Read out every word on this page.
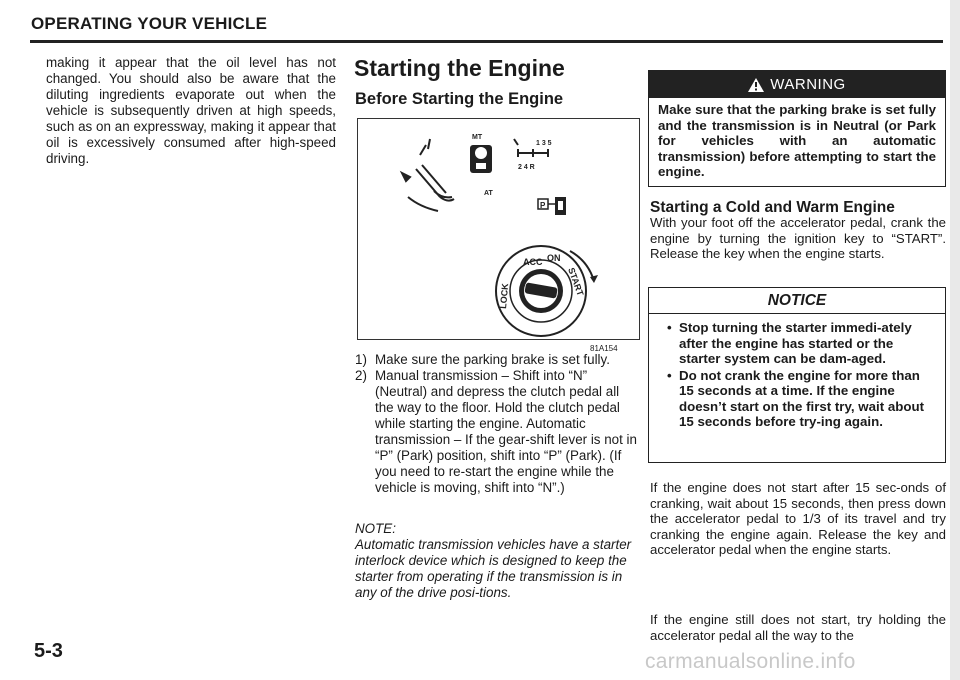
OPERATING YOUR VEHICLE

making it appear that the oil level has not changed. You should also be aware that the diluting ingredients evaporate out when the vehicle is subsequently driven at high speeds, such as on an expressway, making it appear that oil is excessively consumed after high-speed driving.

5-3
Starting the Engine
Before Starting the Engine
MT
1 3 5
2 4 R
AT
P
ACC ON
START
LOCK
81A154
1) Make sure the parking brake is set fully.
2) Manual transmission – Shift into “N” (Neutral) and depress the clutch pedal all the way to the floor. Hold the clutch pedal while starting the engine. Automatic transmission – If the gear-shift lever is not in “P” (Park) position, shift into “P” (Park). (If you need to re-start the engine while the vehicle is moving, shift into “N”.)
NOTE:
Automatic transmission vehicles have a starter interlock device which is designed to keep the starter from operating if the transmission is in any of the drive posi-tions.
WARNING
Make sure that the parking brake is set fully and the transmission is in Neutral (or Park for vehicles with an automatic transmission) before attempting to start the engine.
Starting a Cold and Warm Engine
With your foot off the accelerator pedal, crank the engine by turning the ignition key to “START”. Release the key when the engine starts.
NOTICE
• Stop turning the starter immedi-ately after the engine has started or the starter system can be dam-aged.
• Do not crank the engine for more than 15 seconds at a time. If the engine doesn’t start on the first try, wait about 15 seconds before try-ing again.
If the engine does not start after 15 sec-onds of cranking, wait about 15 seconds, then press down the accelerator pedal to 1/3 of its travel and try cranking the engine again. Release the key and accelerator pedal when the engine starts.
If the engine still does not start, try holding the accelerator pedal all the way to the
carmanualsonline.info
